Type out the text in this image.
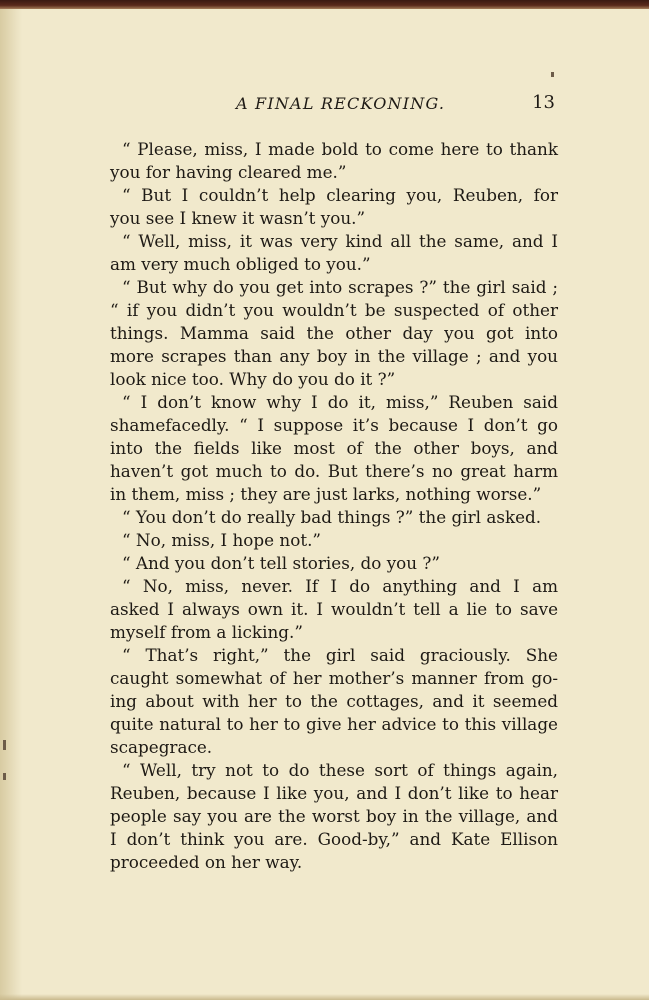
A FINAL RECKONING.	13
“ Please, miss, I made bold to come here to thank
you for having cleared me.”
“ But I couldn’t help clearing you, Reuben, for
you see I knew it wasn’t you.”
“ Well, miss, it was very kind all the same, and I
am very much obliged to you.”
“ But why do you get into scrapes ?” the girl said ;
“ if you didn’t you wouldn’t be suspected of other
things. Mamma said the other day you got into
more scrapes than any boy in the village ; and you
look nice too. Why do you do it ?”
“ I don’t know why I do it, miss,” Reuben said
shamefacedly. “ I suppose it’s because I don’t go
into the fields like most of the other boys, and
haven’t got much to do. But there’s no great harm
in them, miss ; they are just larks, nothing worse.”
“ You don’t do really bad things ?” the girl asked.
“ No, miss, I hope not.”
“ And you don’t tell stories, do you ?”
“ No, miss, never. If I do anything and I am
asked I always own it. I wouldn’t tell a lie to save
myself from a licking.”
“ That’s right,” the girl said graciously. She
caught somewhat of her mother’s manner from go-
ing about with her to the cottages, and it seemed
quite natural to her to give her advice to this village
scapegrace.
“ Well, try not to do these sort of things again,
Reuben, because I like you, and I don’t like to hear
people say you are the worst boy in the village, and
I don’t think you are. Good-by,” and Kate Ellison
proceeded on her way.
